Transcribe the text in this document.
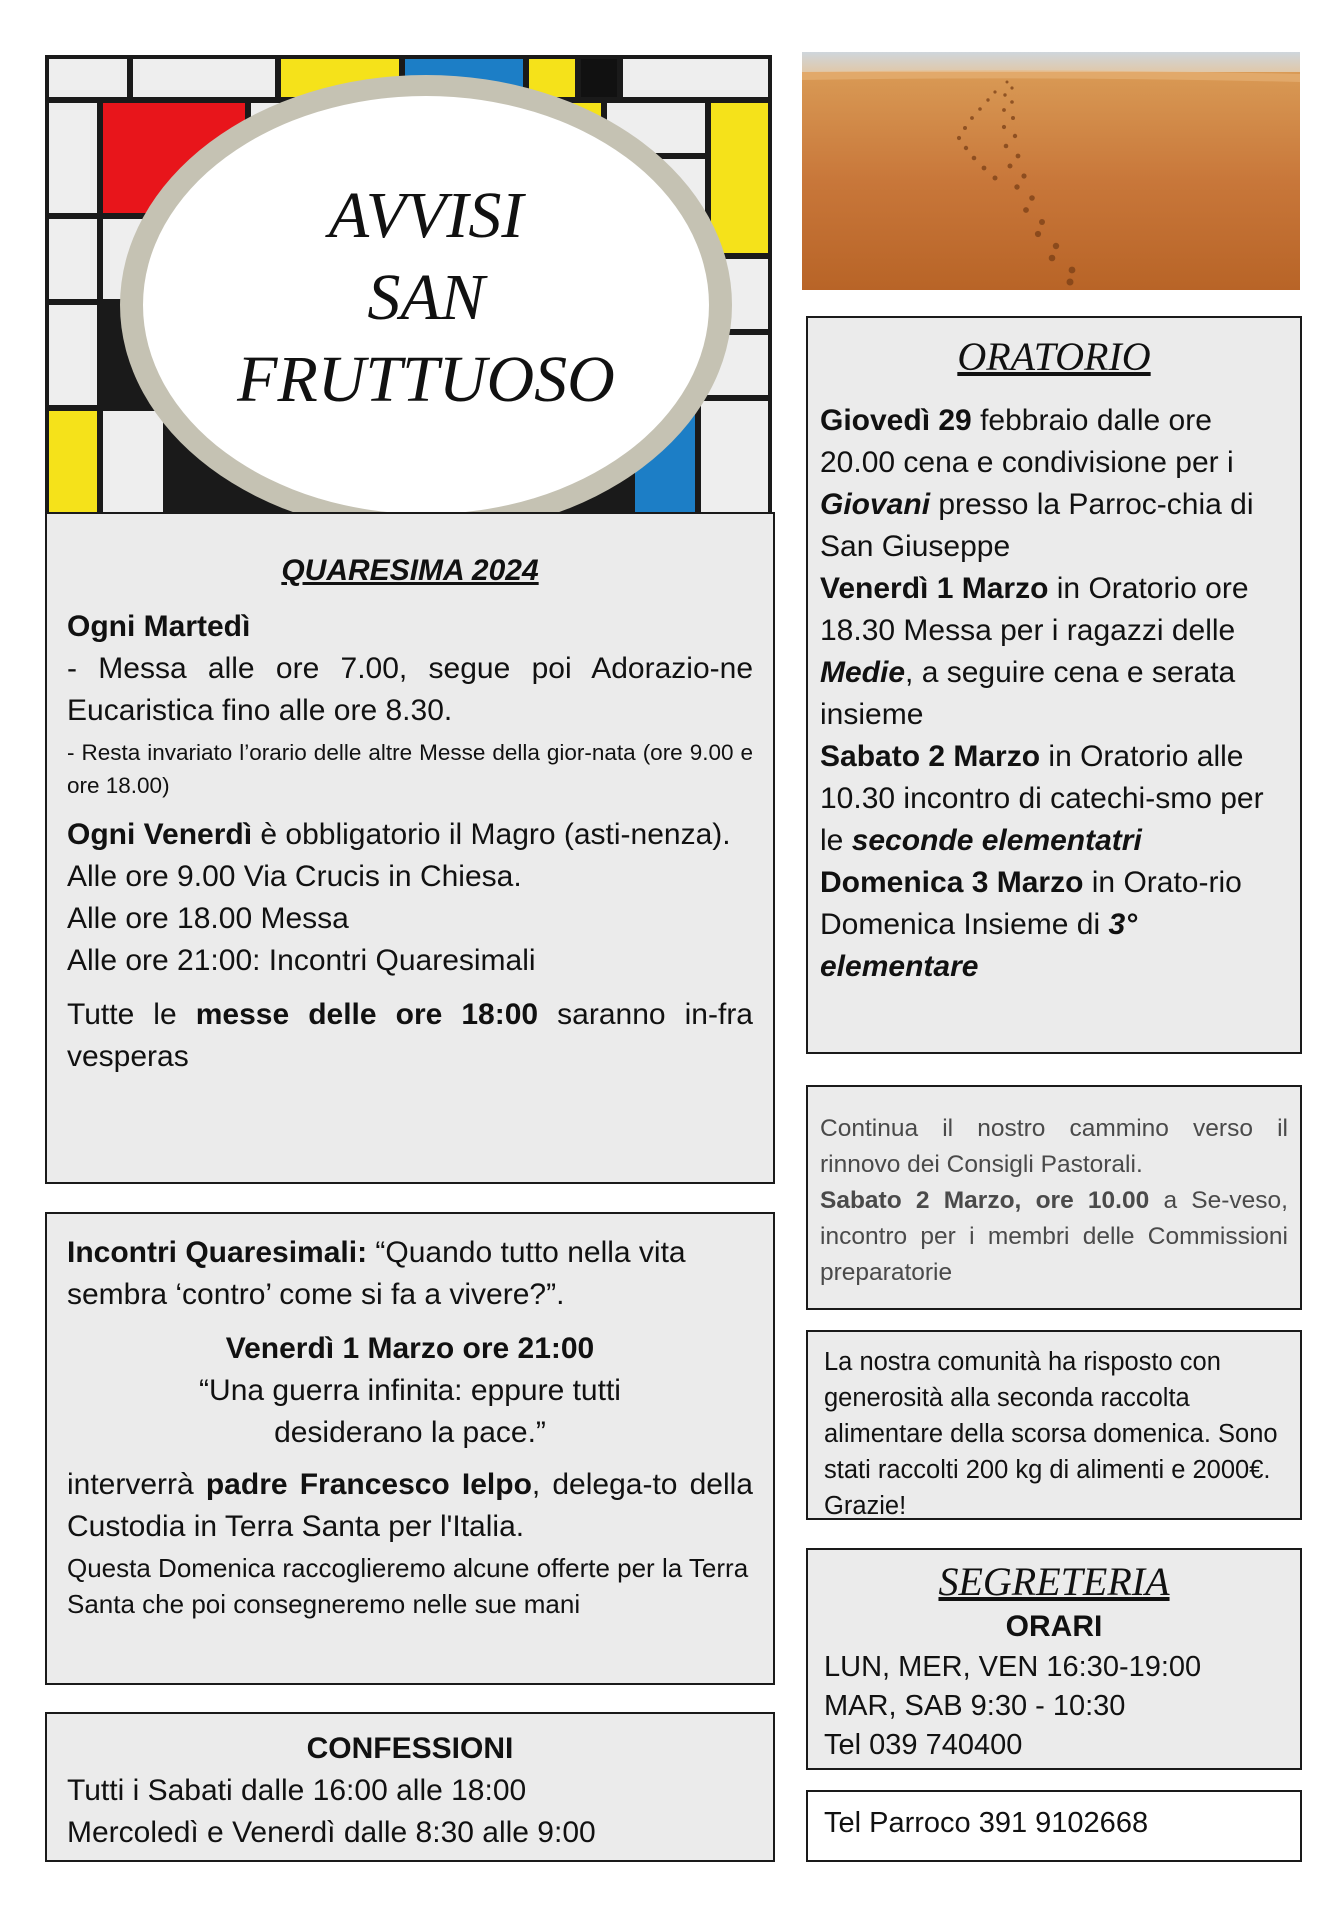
AVVISI
SAN
FRUTTUOSO

QUARESIMA 2024

Ogni Martedì

- Messa alle ore 7.00, segue poi Adorazio-ne Eucaristica fino alle ore 8.30.

- Resta invariato l’orario delle altre Messe della gior-nata (ore 9.00 e ore 18.00)

Ogni Venerdì è obbligatorio il Magro (asti-nenza).

Alle ore 9.00 Via Crucis in Chiesa.

Alle ore 18.00 Messa

Alle ore 21:00: Incontri Quaresimali

Tutte le messe delle ore 18:00 saranno in-fra vesperas

Incontri Quaresimali: “Quando tutto nella vita sembra ‘contro’ come si fa a vivere?”.

Venerdì 1 Marzo ore 21:00

“Una guerra infinita: eppure tutti desiderano la pace.”

interverrà padre Francesco Ielpo, delega-to della Custodia in Terra Santa per l'Italia.

Questa Domenica raccoglieremo alcune offerte per la Terra Santa che poi consegneremo nelle sue mani

CONFESSIONI

Tutti i Sabati dalle 16:00 alle 18:00

Mercoledì e Venerdì dalle 8:30 alle 9:00

ORATORIO

Giovedì 29 febbraio dalle ore 20.00 cena e condivisione per i Giovani presso la Parroc-chia di San Giuseppe
Venerdì 1 Marzo in Oratorio ore 18.30 Messa per i ragazzi delle Medie, a seguire cena e serata insieme
Sabato 2 Marzo in Oratorio alle 10.30 incontro di catechi-smo per le seconde elementatri
Domenica 3 Marzo in Orato-rio Domenica Insieme di 3° elementare

Continua il nostro cammino verso il rinnovo dei Consigli Pastorali.
Sabato 2 Marzo, ore 10.00 a Se-veso, incontro per i membri delle Commissioni preparatorie

La nostra comunità ha risposto con generosità alla seconda raccolta alimentare della scorsa domenica. Sono stati raccolti 200 kg di alimenti e 2000€. Grazie!

SEGRETERIA

ORARI

LUN, MER, VEN 16:30-19:00

MAR, SAB 9:30 - 10:30

Tel 039 740400

Tel Parroco 391 9102668
